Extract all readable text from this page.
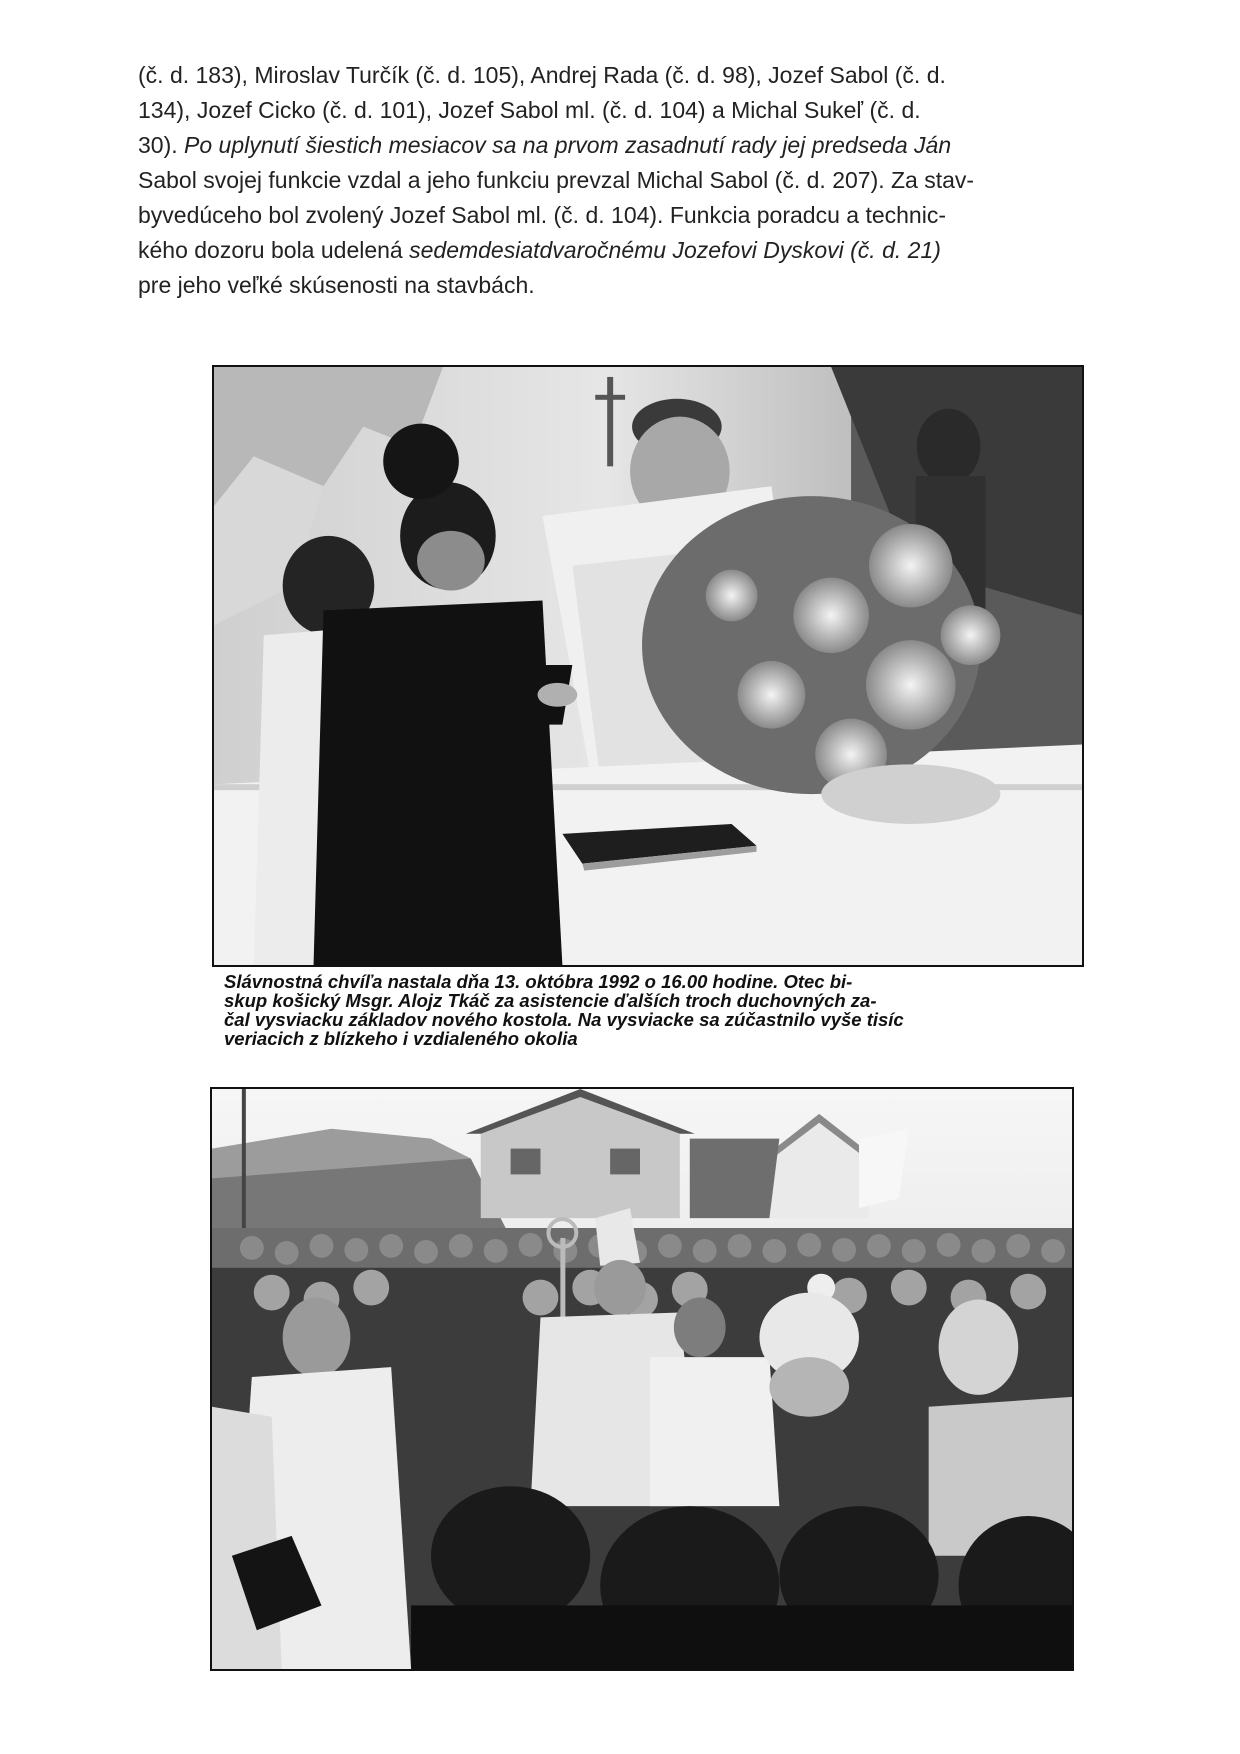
(č. d. 183), Miroslav Turčík (č. d. 105), Andrej Rada (č. d. 98), Jozef Sabol (č. d.
134), Jozef Cicko (č. d. 101), Jozef Sabol ml. (č. d. 104) a Michal Sukeľ (č. d.
30). Po uplynutí šiestich mesiacov sa na prvom zasadnutí rady jej predseda Ján
Sabol svojej funkcie vzdal a jeho funkciu prevzal Michal Sabol (č. d. 207). Za stav-
byvedúceho bol zvolený Jozef Sabol ml. (č. d. 104). Funkcia poradcu a technic-
kého dozoru bola udelená sedemdesiatdvaročnému Jozefovi Dyskovi (č. d. 21)
pre jeho veľké skúsenosti na stavbách.

Slávnostná chvíľa nastala dňa 13. októbra 1992 o 16.00 hodine. Otec bi-
skup košický Msgr. Alojz Tkáč za asistencie ďalších troch duchovných za-
čal vysviacku základov nového kostola. Na vysviacke sa zúčastnilo vyše tisíc
veriacich z blízkeho i vzdialeného okolia
